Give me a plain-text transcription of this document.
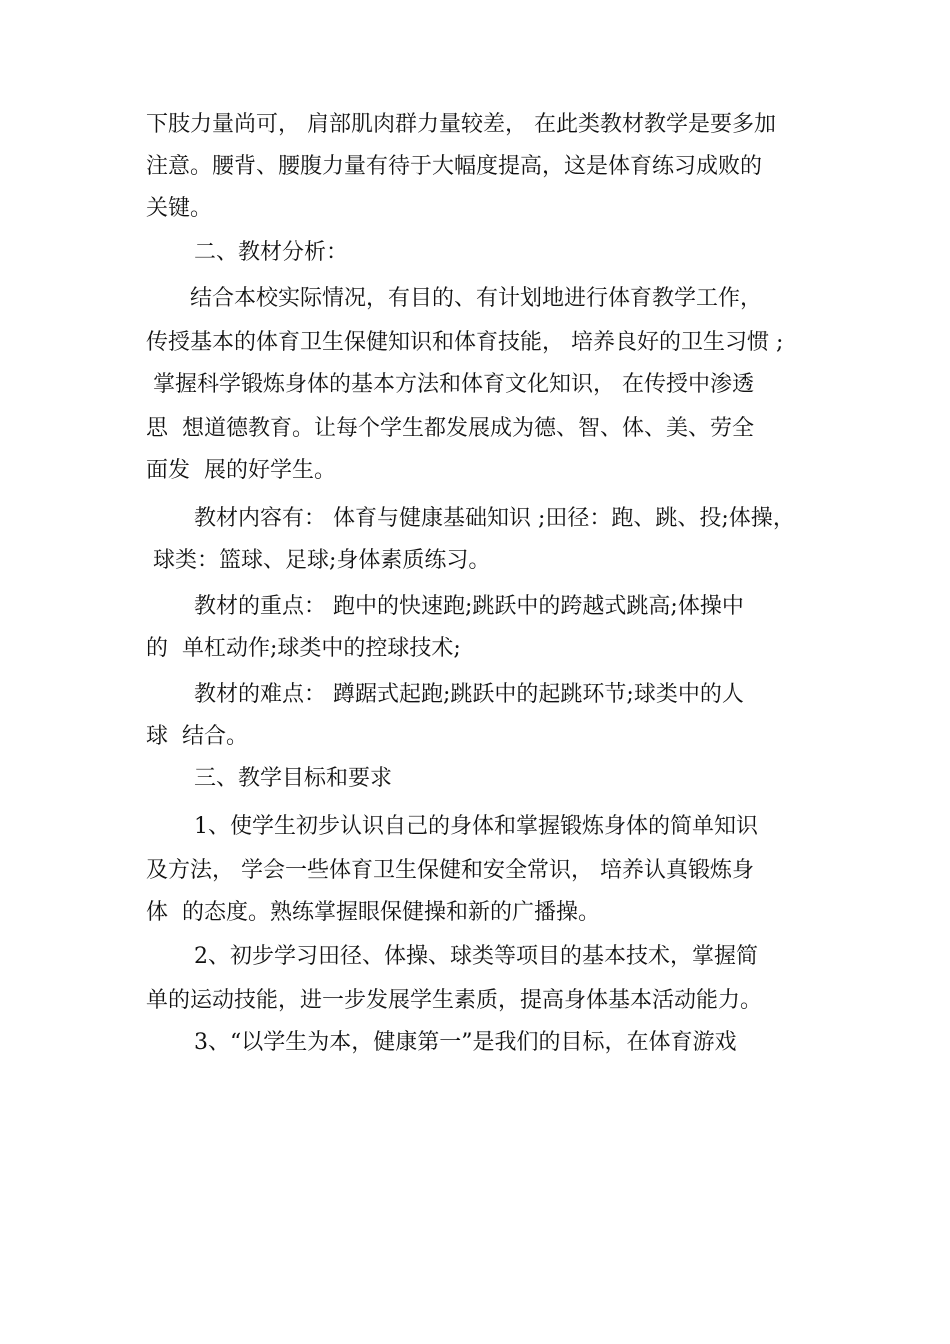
下肢力量尚可， 肩部肌肉群力量较差， 在此类教材教学是要多加

注意。腰背、腰腹力量有待于大幅度提高，这是体育练习成败的

关键。

二、教材分析：

结合本校实际情况，有目的、有计划地进行体育教学工作，

传授基本的体育卫生保健知识和体育技能， 培养良好的卫生习惯 ;

掌握科学锻炼身体的基本方法和体育文化知识， 在传授中渗透

思  想道德教育。让每个学生都发展成为德、智、体、美、劳全

面发  展的好学生。

教材内容有： 体育与健康基础知识 ;田径：跑、跳、投;体操，

球类：篮球、足球;身体素质练习。

教材的重点： 跑中的快速跑;跳跃中的跨越式跳高;体操中

的  单杠动作;球类中的控球技术;

教材的难点： 蹲踞式起跑;跳跃中的起跳环节;球类中的人

球  结合。

三、教学目标和要求

1、使学生初步认识自己的身体和掌握锻炼身体的简单知识

及方法， 学会一些体育卫生保健和安全常识， 培养认真锻炼身

体  的态度。熟练掌握眼保健操和新的广播操。

2、初步学习田径、体操、球类等项目的基本技术，掌握简

单的运动技能，进一步发展学生素质，提高身体基本活动能力。

3、“以学生为本，健康第一”是我们的目标，在体育游戏
